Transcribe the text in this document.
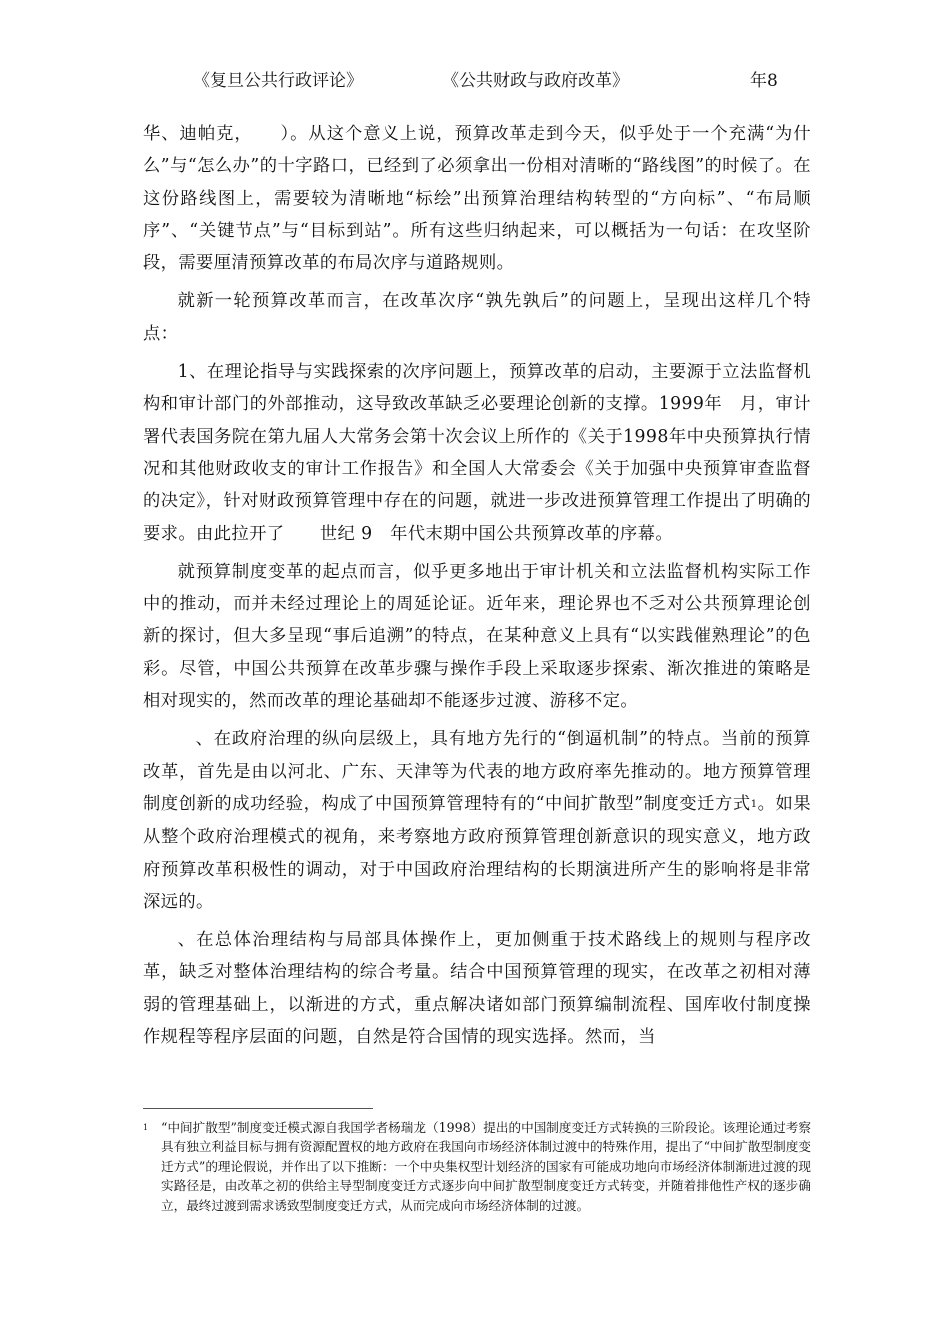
《复旦公共行政评论》	《公共财政与政府改革》	年8

华、迪帕克，　　）。从这个意义上说，预算改革走到今天，似乎处于一个充满“为什么”与“怎么办”的十字路口，已经到了必须拿出一份相对清晰的“路线图”的时候了。在这份路线图上，需要较为清晰地“标绘”出预算治理结构转型的“方向标”、“布局顺序”、“关键节点”与“目标到站”。所有这些归纳起来，可以概括为一句话：在攻坚阶段，需要厘清预算改革的布局次序与道路规则。

就新一轮预算改革而言，在改革次序“孰先孰后”的问题上，呈现出这样几个特点：

1、在理论指导与实践探索的次序问题上，预算改革的启动，主要源于立法监督机构和审计部门的外部推动，这导致改革缺乏必要理论创新的支撑。1999年　月，审计署代表国务院在第九届人大常务会第十次会议上所作的《关于1998年中央预算执行情况和其他财政收支的审计工作报告》和全国人大常委会《关于加强中央预算审查监督的决定》，针对财政预算管理中存在的问题，就进一步改进预算管理工作提出了明确的要求。由此拉开了　　世纪 9　年代末期中国公共预算改革的序幕。

就预算制度变革的起点而言，似乎更多地出于审计机关和立法监督机构实际工作中的推动，而并未经过理论上的周延论证。近年来，理论界也不乏对公共预算理论创新的探讨，但大多呈现“事后追溯”的特点，在某种意义上具有“以实践催熟理论”的色彩。尽管，中国公共预算在改革步骤与操作手段上采取逐步探索、渐次推进的策略是相对现实的，然而改革的理论基础却不能逐步过渡、游移不定。

　、在政府治理的纵向层级上，具有地方先行的“倒逼机制”的特点。当前的预算改革，首先是由以河北、广东、天津等为代表的地方政府率先推动的。地方预算管理制度创新的成功经验，构成了中国预算管理特有的“中间扩散型”制度变迁方式$^1$。如果从整个政府治理模式的视角，来考察地方政府预算管理创新意识的现实意义，地方政府预算改革积极性的调动，对于中国政府治理结构的长期演进所产生的影响将是非常深远的。

、在总体治理结构与局部具体操作上，更加侧重于技术路线上的规则与程序改革，缺乏对整体治理结构的综合考量。结合中国预算管理的现实，在改革之初相对薄弱的管理基础上，以渐进的方式，重点解决诸如部门预算编制流程、国库收付制度操作规程等程序层面的问题，自然是符合国情的现实选择。然而，当

1 “中间扩散型”制度变迁模式源自我国学者杨瑞龙（1998）提出的中国制度变迁方式转换的三阶段论。该理论通过考察具有独立利益目标与拥有资源配置权的地方政府在我国向市场经济体制过渡中的特殊作用，提出了“中间扩散型制度变迁方式”的理论假说，并作出了以下推断：一个中央集权型计划经济的国家有可能成功地向市场经济体制渐进过渡的现实路径是，由改革之初的供给主导型制度变迁方式逐步向中间扩散型制度变迁方式转变，并随着排他性产权的逐步确立，最终过渡到需求诱致型制度变迁方式，从而完成向市场经济体制的过渡。
